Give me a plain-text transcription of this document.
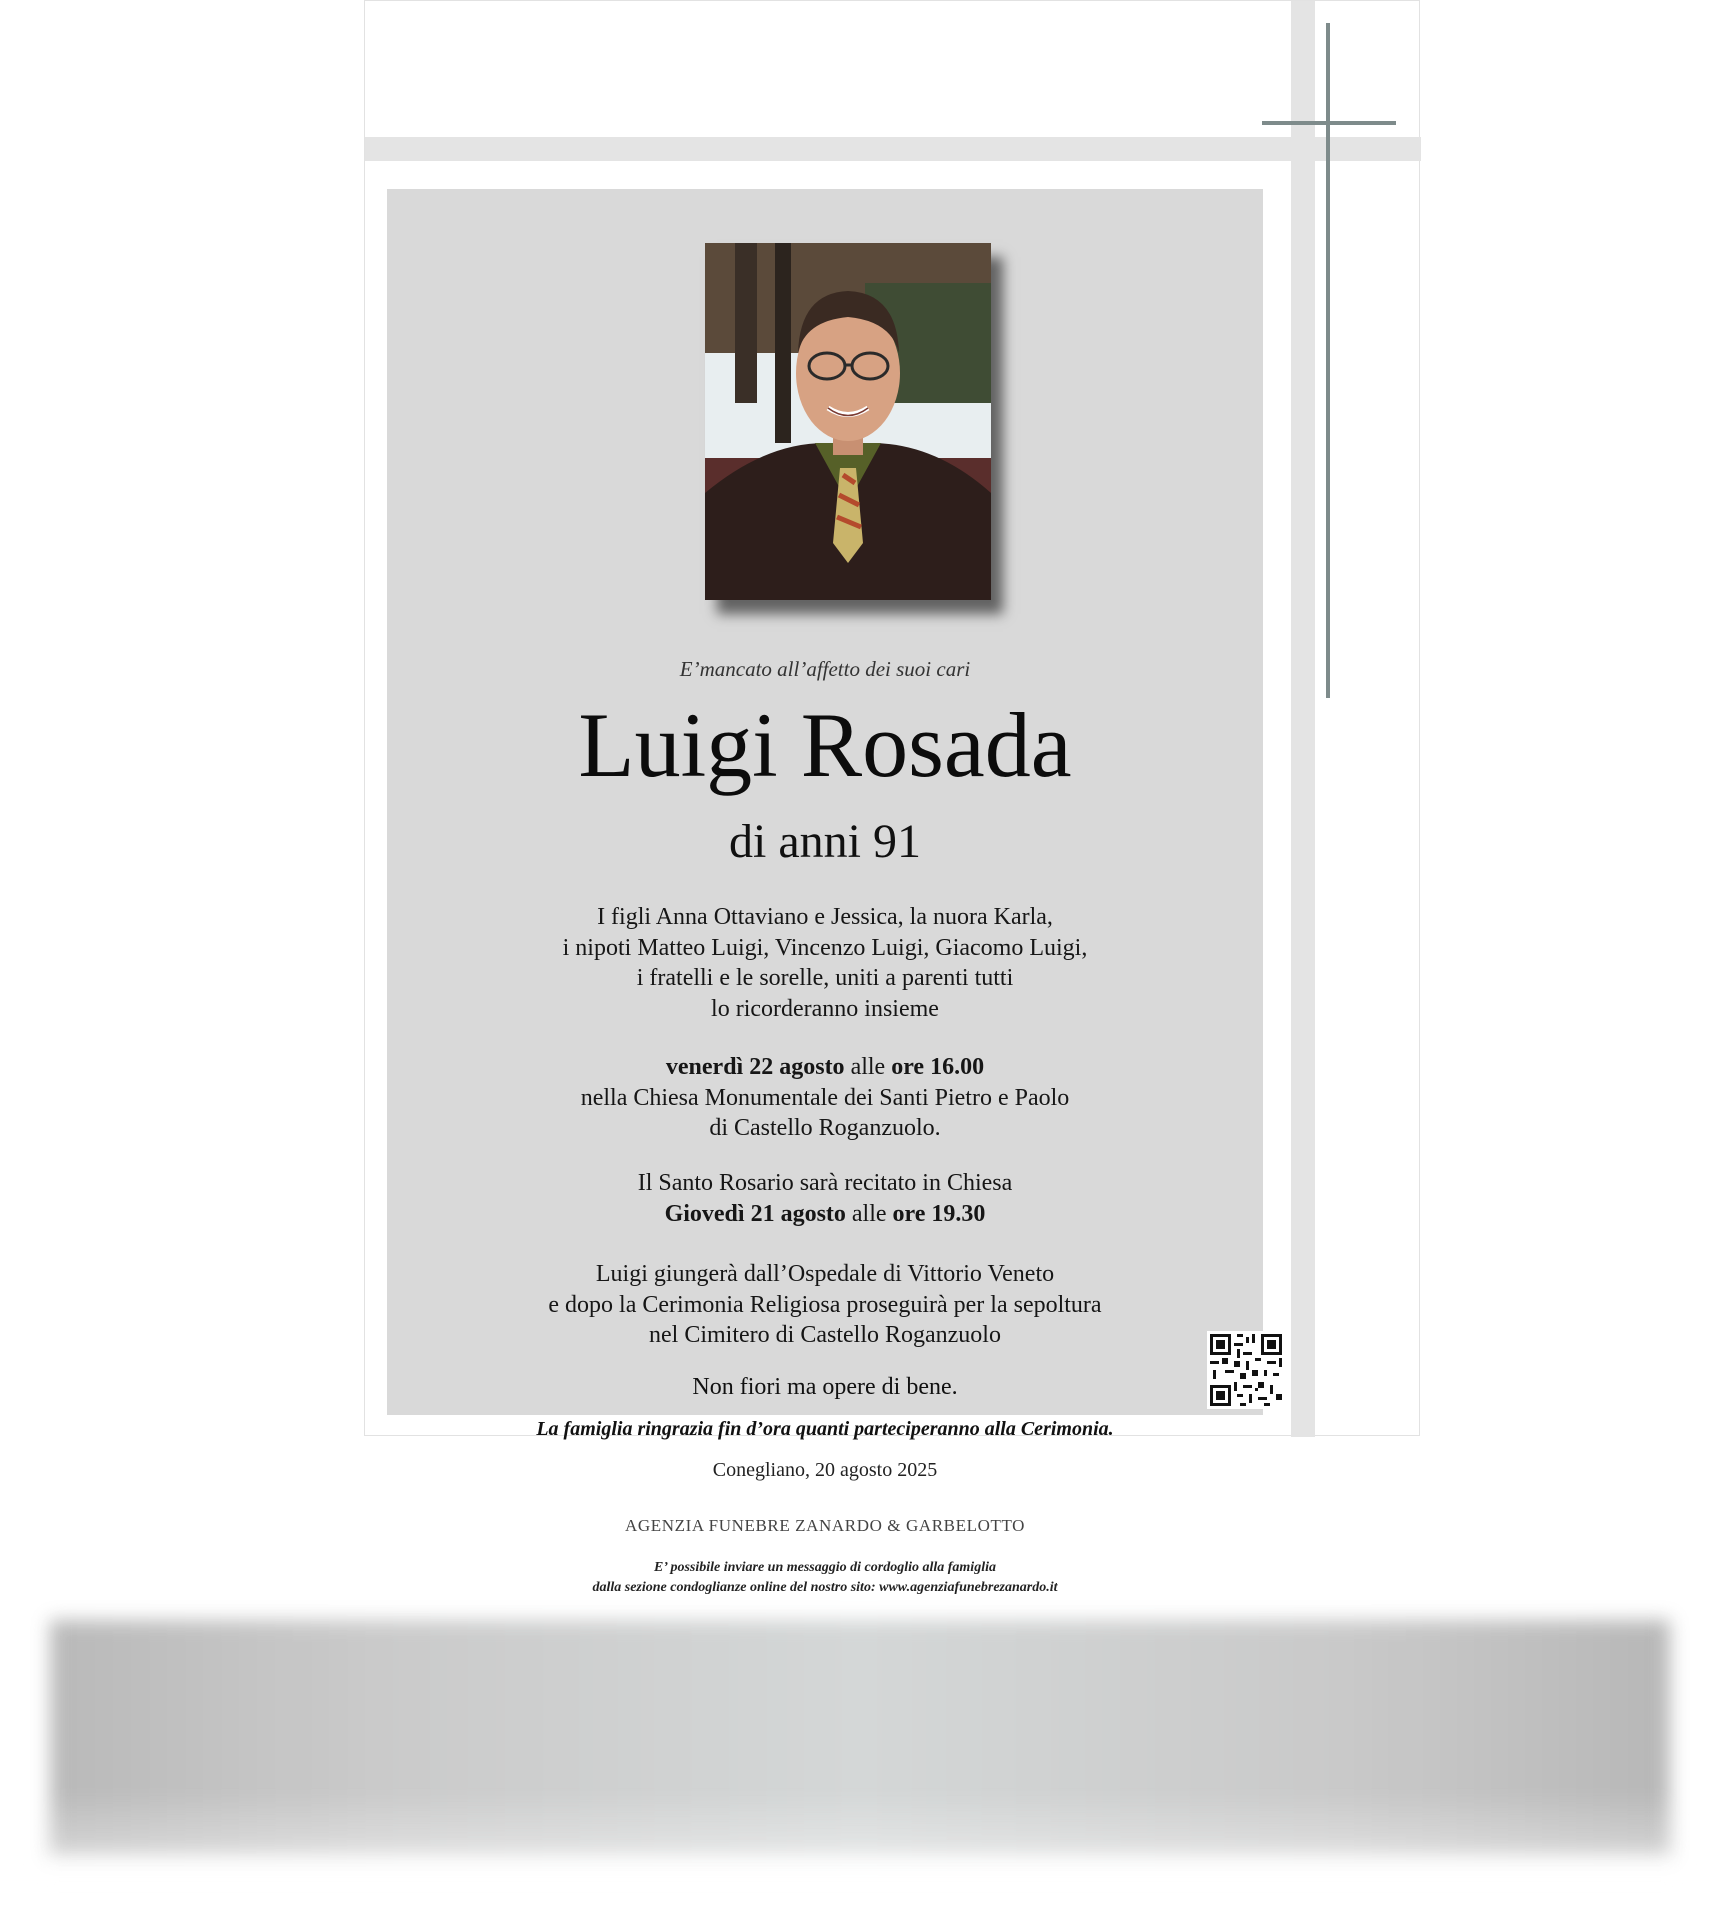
E’mancato all’affetto dei suoi cari
Luigi Rosada
di anni 91
I figli Anna Ottaviano e Jessica, la nuora Karla,
i nipoti Matteo Luigi, Vincenzo Luigi, Giacomo Luigi,
i fratelli e le sorelle, uniti a parenti tutti
lo ricorderanno insieme
venerdì 22 agosto alle ore 16.00
nella Chiesa Monumentale dei Santi Pietro e Paolo
di Castello Roganzuolo.
Il Santo Rosario sarà recitato in Chiesa
Giovedì 21 agosto alle ore 19.30
Luigi giungerà dall’Ospedale di Vittorio Veneto
e dopo la Cerimonia Religiosa proseguirà per la sepoltura
nel Cimitero di Castello Roganzuolo
Non fiori ma opere di bene.
La famiglia ringrazia fin d’ora quanti parteciperanno alla Cerimonia.
Conegliano, 20 agosto 2025
AGENZIA FUNEBRE ZANARDO & GARBELOTTO
E’ possibile inviare un messaggio di cordoglio alla famiglia
dalla sezione condoglianze online del nostro sito: www.agenziafunebrezanardo.it
